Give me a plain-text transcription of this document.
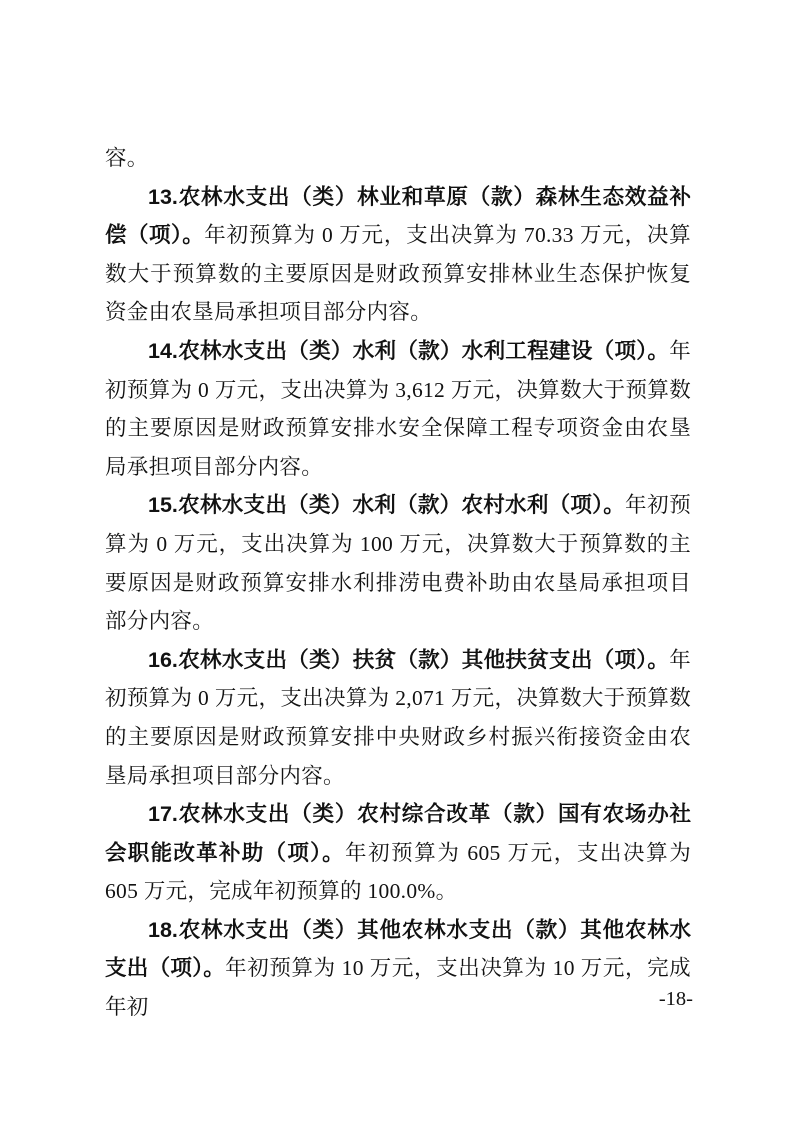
容。

13.农林水支出（类）林业和草原（款）森林生态效益补偿（项）。年初预算为 0 万元，支出决算为 70.33 万元，决算数大于预算数的主要原因是财政预算安排林业生态保护恢复资金由农垦局承担项目部分内容。

14.农林水支出（类）水利（款）水利工程建设（项）。年初预算为 0 万元，支出决算为 3,612 万元，决算数大于预算数的主要原因是财政预算安排水安全保障工程专项资金由农垦局承担项目部分内容。

15.农林水支出（类）水利（款）农村水利（项）。年初预算为 0 万元，支出决算为 100 万元，决算数大于预算数的主要原因是财政预算安排水利排涝电费补助由农垦局承担项目部分内容。

16.农林水支出（类）扶贫（款）其他扶贫支出（项）。年初预算为 0 万元，支出决算为 2,071 万元，决算数大于预算数的主要原因是财政预算安排中央财政乡村振兴衔接资金由农垦局承担项目部分内容。

17.农林水支出（类）农村综合改革（款）国有农场办社会职能改革补助（项）。年初预算为 605 万元，支出决算为 605 万元，完成年初预算的 100.0%。

18.农林水支出（类）其他农林水支出（款）其他农林水支出（项）。年初预算为 10 万元，支出决算为 10 万元，完成年初	-18-
